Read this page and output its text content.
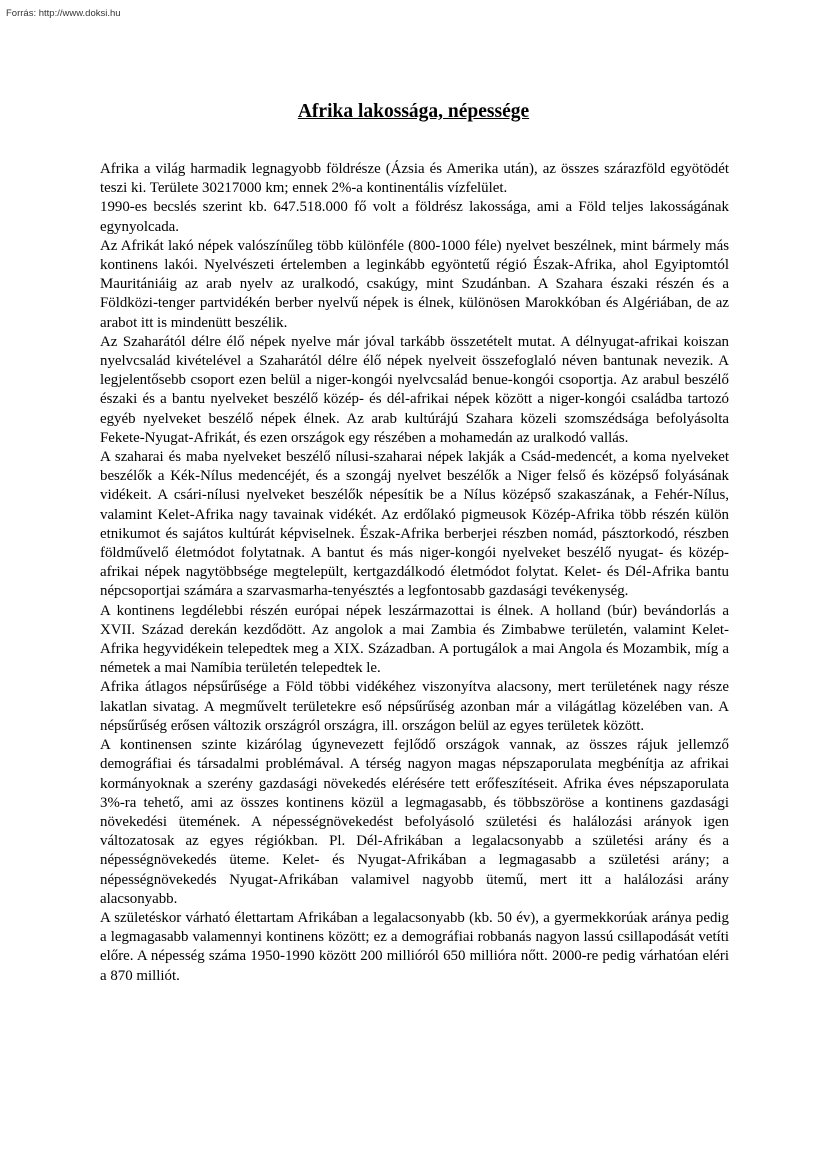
Forrás: http://www.doksi.hu
Afrika lakossága, népessége

Afrika a világ harmadik legnagyobb földrésze (Ázsia és Amerika után), az összes szárazföld egyötödét teszi ki. Területe 30217000 km; ennek 2%-a kontinentális vízfelület.

1990-es becslés szerint kb. 647.518.000 fő volt a földrész lakossága, ami a Föld teljes lakosságának egynyolcada.

Az Afrikát lakó népek valószínűleg több különféle (800-1000 féle) nyelvet beszélnek, mint bármely más kontinens lakói. Nyelvészeti értelemben a leginkább egyöntetű régió Észak-Afrika, ahol Egyiptomtól Mauritániáig az arab nyelv az uralkodó, csakúgy, mint Szudánban. A Szahara északi részén és a Földközi-tenger partvidékén berber nyelvű népek is élnek, különösen Marokkóban és Algériában, de az arabot itt is mindenütt beszélik.

Az Szaharától délre élő népek nyelve már jóval tarkább összetételt mutat. A délnyugat-afrikai koiszan nyelvcsalád kivételével a Szaharától délre élő népek nyelveit összefoglaló néven bantunak nevezik. A legjelentősebb csoport ezen belül a niger-kongói nyelvcsalád benue-kongói csoportja. Az arabul beszélő északi és a bantu nyelveket beszélő közép- és dél-afrikai népek között a niger-kongói családba tartozó egyéb nyelveket beszélő népek élnek. Az arab kultúrájú Szahara közeli szomszédsága befolyásolta Fekete-Nyugat-Afrikát, és ezen országok egy részében a mohamedán az uralkodó vallás.

A szaharai és maba nyelveket beszélő nílusi-szaharai népek lakják a Csád-medencét, a koma nyelveket beszélők a Kék-Nílus medencéjét, és a szongáj nyelvet beszélők a Niger felső és középső folyásának vidékeit. A csári-nílusi nyelveket beszélők népesítik be a Nílus középső szakaszának, a Fehér-Nílus, valamint Kelet-Afrika nagy tavainak vidékét. Az erdőlakó pigmeusok Közép-Afrika több részén külön etnikumot és sajátos kultúrát képviselnek. Észak-Afrika berberjei részben nomád, pásztorkodó, részben földművelő életmódot folytatnak. A bantut és más niger-kongói nyelveket beszélő nyugat- és közép-afrikai népek nagytöbbsége megtelepült, kertgazdálkodó életmódot folytat. Kelet- és Dél-Afrika bantu népcsoportjai számára a szarvasmarha-tenyésztés a legfontosabb gazdasági tevékenység.

A kontinens legdélebbi részén európai népek leszármazottai is élnek. A holland (búr) bevándorlás a XVII. Század derekán kezdődött. Az angolok a mai Zambia és Zimbabwe területén, valamint Kelet-Afrika hegyvidékein telepedtek meg a XIX. Században. A portugálok a mai Angola és Mozambik, míg a németek a mai Namíbia területén telepedtek le.

Afrika átlagos népsűrűsége a Föld többi vidékéhez viszonyítva alacsony, mert területének nagy része lakatlan sivatag. A megművelt területekre eső népsűrűség azonban már a világátlag közelében van. A népsűrűség erősen változik országról országra, ill. országon belül az egyes területek között.

A kontinensen szinte kizárólag úgynevezett fejlődő országok vannak, az összes rájuk jellemző demográfiai és társadalmi problémával. A térség nagyon magas népszaporulata megbénítja az afrikai kormányoknak a szerény gazdasági növekedés elérésére tett erőfeszítéseit. Afrika éves népszaporulata 3%-ra tehető, ami az összes kontinens közül a legmagasabb, és többszöröse a kontinens gazdasági növekedési ütemének. A népességnövekedést befolyásoló születési és halálozási arányok igen változatosak az egyes régiókban. Pl. Dél-Afrikában a legalacsonyabb a születési arány és a népességnövekedés üteme. Kelet- és Nyugat-Afrikában a legmagasabb a születési arány; a népességnövekedés Nyugat-Afrikában valamivel nagyobb ütemű, mert itt a halálozási arány alacsonyabb.

A születéskor várható élettartam Afrikában a legalacsonyabb (kb. 50 év), a gyermekkorúak aránya pedig a legmagasabb valamennyi kontinens között; ez a demográfiai robbanás nagyon lassú csillapodását vetíti előre. A népesség száma 1950-1990 között 200 millióról 650 millióra nőtt. 2000-re pedig várhatóan eléri a 870 milliót.
